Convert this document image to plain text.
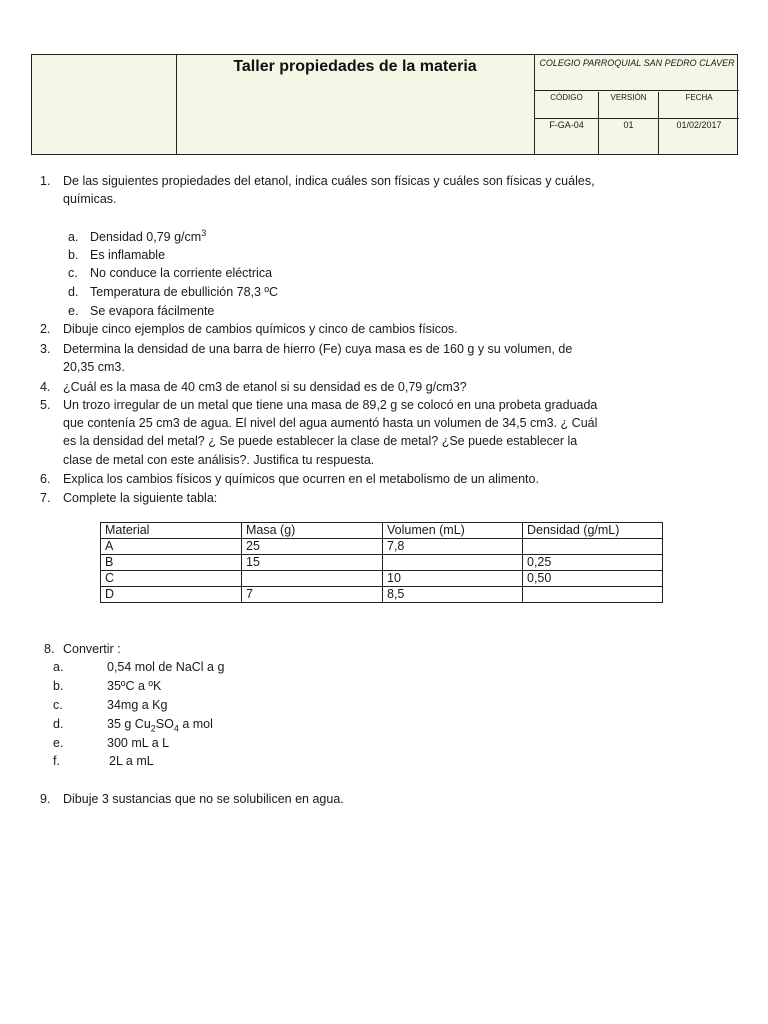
Taller propiedades de la materia	COLEGIO PARROQUIAL SAN PEDRO CLAVER
CÓDIGO	VERSIÓN	FECHA
F-GA-04	01	01/02/2017
1. De las siguientes propiedades del etanol, indica cuáles son físicas y cuáles son físicas y cuáles,
químicas.
a. Densidad 0,79 $g/cm^3$
b. Es inflamable
c. No conduce la corriente eléctrica
d. Temperatura de ebullición 78,3 ºC
e. Se evapora fácilmente
2. Dibuje cinco ejemplos de cambios químicos y cinco de cambios físicos.
3. Determina la densidad de una barra de hierro (Fe) cuya masa es de 160 g y su volumen, de
20,35 cm3.
4. ¿Cuál es la masa de 40 cm3 de etanol si su densidad es de 0,79 g/cm3?
5. Un trozo irregular de un metal que tiene una masa de 89,2 g se colocó en una probeta graduada
que contenía 25 cm3 de agua. El nivel del agua aumentó hasta un volumen de 34,5 cm3. ¿ Cuál
es la densidad del metal? ¿ Se puede establecer la clase de metal? ¿Se puede establecer la
clase de metal con este análisis?. Justifica tu respuesta.
6. Explica los cambios físicos y químicos que ocurren en el metabolismo de un alimento.
7. Complete la siguiente tabla:
Material	Masa (g)	Volumen (mL)	Densidad (g/mL)
A	25	7,8	
B	15		0,25
C		10	0,50
D	7	8,5	
8. Convertir :
a.	0,54 mol de NaCl a g
b.	35ºC a ºK
c.	34mg a Kg
d.	35 g $Cu_2SO_4$ a mol
e.	300 mL a L
f.	2L a mL
9. Dibuje 3 sustancias que no se solubilicen en agua.
